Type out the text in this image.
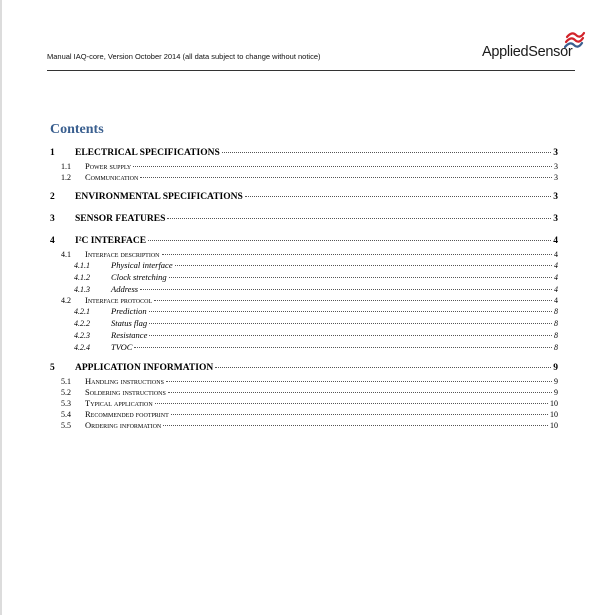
Manual IAQ-core, Version October 2014 (all data subject to change without notice)	AppliedSensor
Contents
1	ELECTRICAL SPECIFICATIONS	3
1.1	Power supply	3
1.2	Communication	3
2	ENVIRONMENTAL SPECIFICATIONS	3
3	SENSOR FEATURES	3
4	I²C INTERFACE	4
4.1	Interface description	4
4.1.1	Physical interface	4
4.1.2	Clock stretching	4
4.1.3	Address	4
4.2	Interface protocol	4
4.2.1	Prediction	8
4.2.2	Status flag	8
4.2.3	Resistance	8
4.2.4	TVOC	8
5	APPLICATION INFORMATION	9
5.1	Handling instructions	9
5.2	Soldering instructions	9
5.3	Typical application	10
5.4	Recommended footprint	10
5.5	Ordering information	10
